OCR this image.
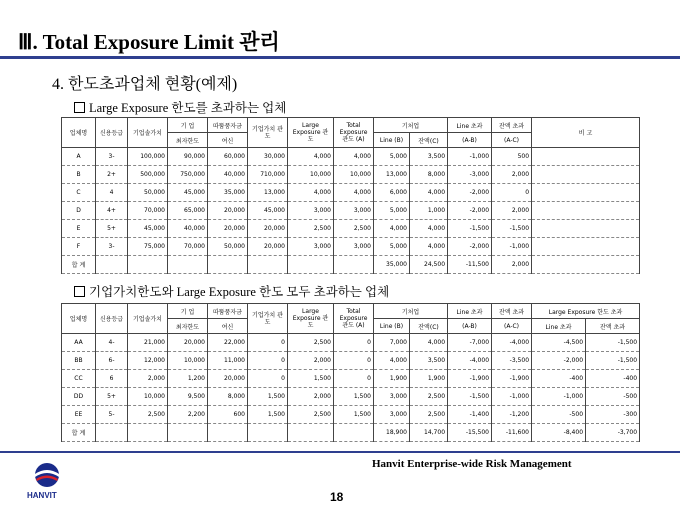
Ⅲ. Total Exposure Limit 관리
4. 한도초과업체 현황(예제)
Large Exposure 한도를 초과하는 업체
업체명	신용등급	기업솔가치	기 업	따뚬품자금	기업가치 관도	Large Exposure 관도	Total Exposure 관도 (A)	기처업		Line 초과	잔액 초과	비 고
			최자한도	여신				Line (B)	잔액(C)	(A-B)	(A-C)	
A	3-	100,000	90,000	60,000	30,000	4,000	4,000	5,000	3,500	-1,000	500	
B	2+	500,000	750,000	40,000	710,000	10,000	10,000	13,000	8,000	-3,000	2,000	
C	4	50,000	45,000	35,000	13,000	4,000	4,000	6,000	4,000	-2,000	0	
D	4+	70,000	65,000	20,000	45,000	3,000	3,000	5,000	1,000	-2,000	2,000	
E	5+	45,000	40,000	20,000	20,000	2,500	2,500	4,000	4,000	-1,500	-1,500	
F	3-	75,000	70,000	50,000	20,000	3,000	3,000	5,000	4,000	-2,000	-1,000	
합 계								35,000	24,500	-11,500	2,000	
기업가치한도와 Large Exposure 한도 모두 초과하는 업체
업체명	신용등급	기업솔가치	기 업	따뚬품자금	기업가치 관도	Large Exposure 관도	Total Exposure 관도 (A)	기처업		Line 초과	잔액 초과	Large Exposure 한도 초과	
			최자한도	여신				Line (B)	잔액(C)	(A-B)	(A-C)	Line 초과	잔액 초과
AA	4-	21,000	20,000	22,000	0	2,500	0	7,000	4,000	-7,000	-4,000	-4,500	-1,500
BB	6-	12,000	10,000	11,000	0	2,000	0	4,000	3,500	-4,000	-3,500	-2,000	-1,500
CC	6	2,000	1,200	20,000	0	1,500	0	1,900	1,900	-1,900	-1,900	-400	-400
DD	5+	10,000	9,500	8,000	1,500	2,000	1,500	3,000	2,500	-1,500	-1,000	-1,000	-500
EE	5-	2,500	2,200	600	1,500	2,500	1,500	3,000	2,500	-1,400	-1,200	-500	-300
합 계								18,900	14,700	-15,500	-11,600	-8,400	-3,700
Hanvit Enterprise-wide Risk Management
HANVIT	18
